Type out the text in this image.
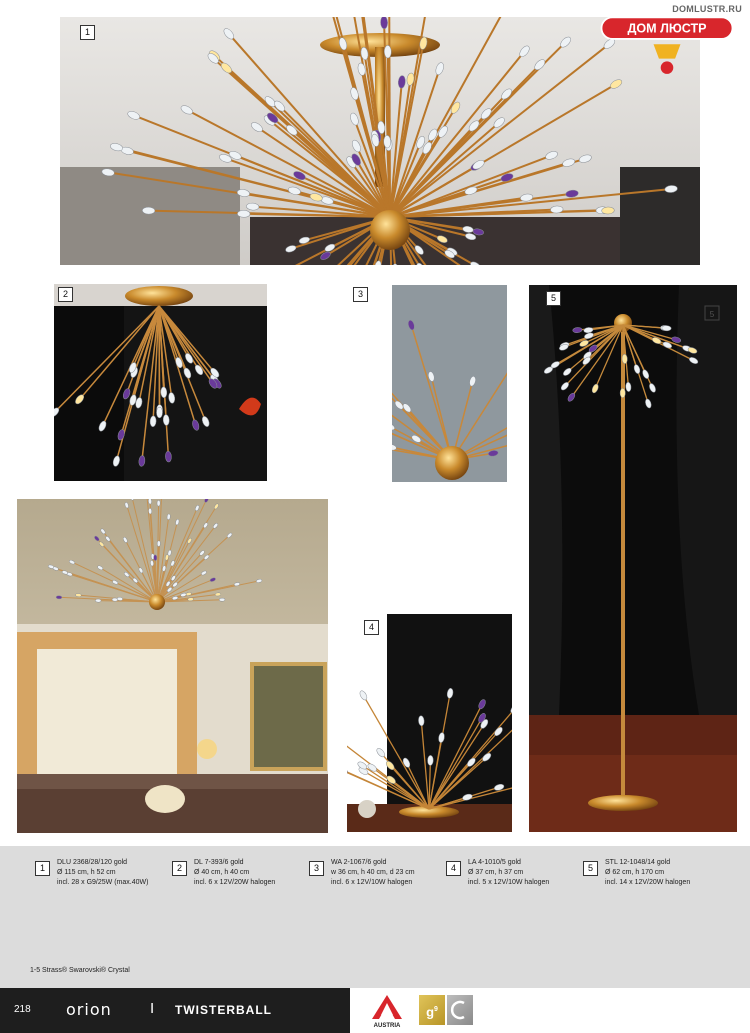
1
DOMLUSTR.RU
ДОМ ЛЮСТР
2	3
5
5
4
1
DLU 2368/28/120 gold
Ø 115 cm, h 52 cm
incl. 28 x G9/25W (max.40W)
2
DL 7-393/6 gold
Ø 40 cm, h 40 cm
incl. 6 x 12V/20W halogen
3
WA 2-1067/6 gold
w 36 cm, h 40 cm, d 23 cm
incl. 6 x 12V/10W halogen
4
LA 4-1010/5 gold
Ø 37 cm, h 37 cm
incl. 5 x 12V/10W halogen
5
STL 12-1048/14 gold
Ø 62 cm, h 170 cm
incl. 14 x 12V/20W halogen
1-5 Strass® Swarovski® Crystal
218 orion	I TWISTERBALL
AUSTRIA
$g^9$
